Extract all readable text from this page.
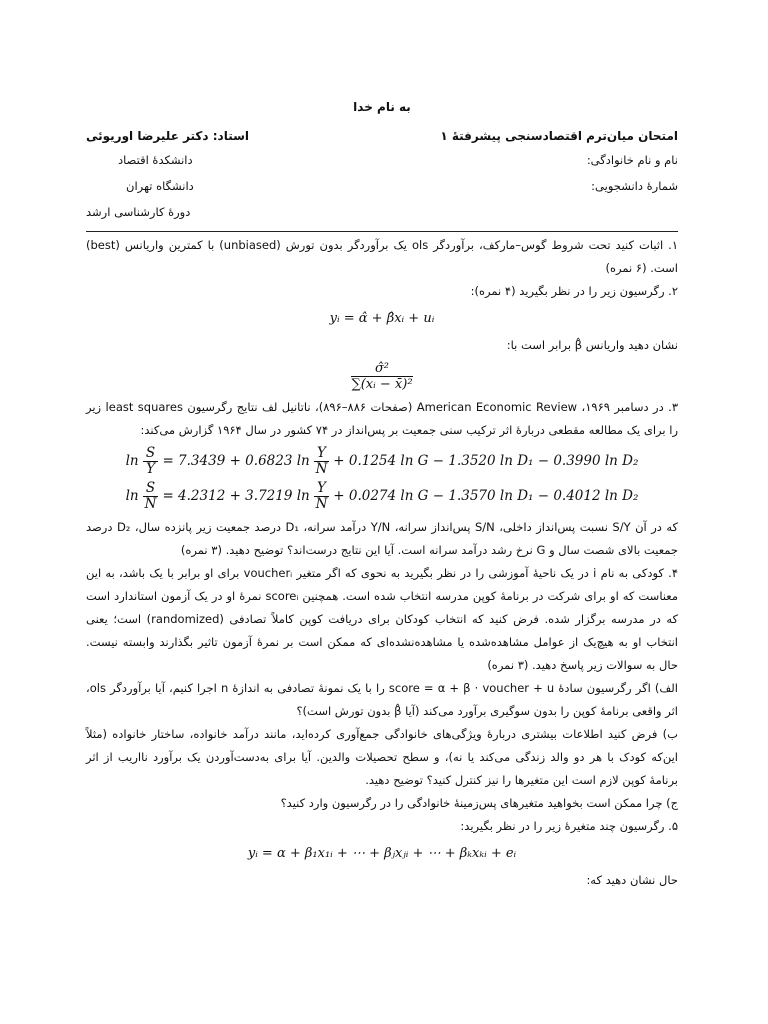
به نام خدا
امتحان میان‌ترم اقتصادسنجی پیشرفتهٔ ۱
استاد: دکتر علیرضا اوریوئی
نام و نام خانوادگی:
دانشکدهٔ اقتصاد
شمارهٔ دانشجویی:
دانشگاه تهران
دورهٔ کارشناسی ارشد

۱. اثبات کنید تحت شروط گوس–مارکف، برآوردگر ols یک برآوردگر بدون تورش (unbiased) با کمترین واریانس (best) است. (۶ نمره)

۲. رگرسیون زیر را در نظر بگیرید (۴ نمره):

yᵢ = α̂ + β̂xᵢ + uᵢ

نشان دهید واریانس β̂ برابر است با:

$\frac{\text{σ̂²}}{\text{∑(xᵢ − x̄)²}}$

۳. در دسامبر ۱۹۶۹، American Economic Review (صفحات ۸۸۶–۸۹۶)، ناتانیل لف نتایج رگرسیون least squares زیر را برای یک مطالعه مقطعی دربارهٔ اثر ترکیب سنی جمعیت بر پس‌انداز در ۷۴ کشور در سال ۱۹۶۴ گزارش می‌کند:

$\ln \frac{S}{Y} = 7.3439 + 0.6823$ $\ln \frac{Y}{N} + 0.1254$ ln G − 1.3520 ln D₁ − 0.3990 ln D₂
$\ln \frac{S}{N} = 4.2312 + 3.7219$ $\ln \frac{Y}{N} + 0.0274$ ln G − 1.3570 ln D₁ − 0.4012 ln D₂

که در آن S/Y نسبت پس‌انداز داخلی، S/N پس‌انداز سرانه، Y/N درآمد سرانه، D₁ درصد جمعیت زیر پانزده سال، D₂ درصد جمعیت بالای شصت سال و G نرخ رشد درآمد سرانه است. آیا این نتایج درست‌اند؟ توضیح دهید. (۳ نمره)

۴. کودکی به نام i در یک ناحیهٔ آموزشی را در نظر بگیرید به نحوی که اگر متغیر voucherᵢ برای او برابر با یک باشد، به این معناست که او برای شرکت در برنامهٔ کوپن مدرسه انتخاب شده است. همچنین scoreᵢ نمرهٔ او در یک آزمون استاندارد است که در مدرسه برگزار شده. فرض کنید که انتخاب کودکان برای دریافت کوپن کاملاً تصادفی (randomized) است؛ یعنی انتخاب او به هیچ‌یک از عوامل مشاهده‌شده یا مشاهده‌نشده‌ای که ممکن است بر نمرهٔ آزمون تاثیر بگذارند وابسته نیست. حال به سوالات زیر پاسخ دهید. (۳ نمره)

الف) اگر رگرسیون سادهٔ score = α + β · voucher + u را با یک نمونهٔ تصادفی به اندازهٔ n اجرا کنیم، آیا برآوردگر ols، اثر واقعی برنامهٔ کوپن را بدون سوگیری برآورد می‌کند (آیا β̂ بدون تورش است)؟

ب) فرض کنید اطلاعات بیشتری دربارهٔ ویژگی‌های خانوادگی جمع‌آوری کرده‌اید، مانند درآمد خانواده، ساختار خانواده (مثلاً این‌که کودک با هر دو والد زندگی می‌کند یا نه)، و سطح تحصیلات والدین. آیا برای به‌دست‌آوردن یک برآورد نااریب از اثر برنامهٔ کوپن لازم است این متغیرها را نیز کنترل کنید؟ توضیح دهید.

ج) چرا ممکن است بخواهید متغیرهای پس‌زمینهٔ خانوادگی را در رگرسیون وارد کنید؟

۵. رگرسیون چند متغیرهٔ زیر را در نظر بگیرید:

yᵢ = α + β₁x₁ᵢ + ⋯ + βⱼxⱼᵢ + ⋯ + βₖxₖᵢ + eᵢ

حال نشان دهید که:
